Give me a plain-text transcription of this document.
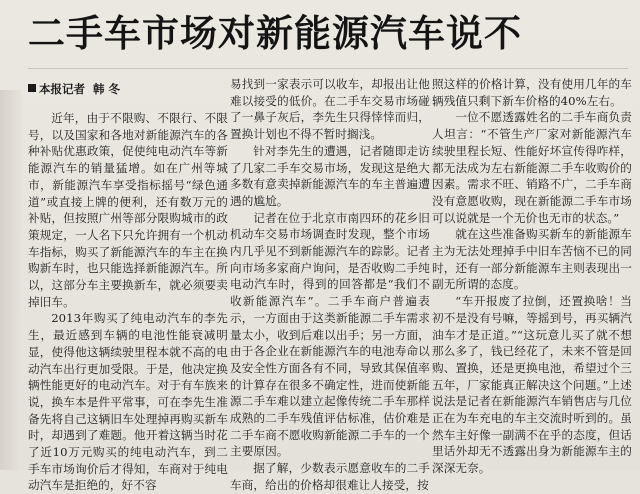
二手车市场对新能源汽车说不
本报记者 韩 冬

近年，由于不限购、不限行、不限号，以及国家和各地对新能源汽车的各种补贴优惠政策，促使纯电动汽车等新能源汽车的销量猛增。如在广州等城市，新能源汽车享受指标摇号“绿色通道”或直接上牌的便利，还有数万元的补贴，但按照广州等部分限购城市的政策规定，一人名下只允许拥有一个机动车指标，购买了新能源汽车的车主在换购新车时，也只能选择新能源汽车。所以，这部分车主要换新车，就必须要卖掉旧车。

2013年购买了纯电动汽车的李先生，最近感到车辆的电池性能衰减明显，使得他这辆续驶里程本就不高的电动汽车出行更加受限。于是，他决定换辆性能更好的电动汽车。对于有车族来说，换车本是件平常事，可在李先生准备先将自己这辆旧车处理掉再购买新车时，却遇到了难题。他开着这辆当时花了近10万元购买的纯电动汽车，到二手车市场询价后才得知，车商对于纯电动汽车是拒绝的，好不容

易找到一家表示可以收车，却报出让他难以接受的低价。在二手车交易市场碰了一鼻子灰后，李先生只得悻悻而归，置换计划也不得不暂时搁浅。

针对李先生的遭遇，记者随即走访了几家二手车交易市场，发现这是绝大多数有意卖掉新能源汽车的车主普遍遭遇的尴尬。

记者在位于北京市南四环的花乡旧机动车交易市场调查时发现，整个市场内几乎见不到新能源汽车的踪影。记者向市场多家商户询问，是否收购二手纯电动汽车时，得到的回答都是“我们不收新能源汽车”。二手车商户普遍表示，一方面由于这类新能源二手车需求量太小，收到后难以出手；另一方面，由于各企业在新能源汽车的电池寿命以及安全性方面各有不同，导致其保值率的计算存在很多不确定性，进而使新能源二手车难以建立起像传统二手车那样成熟的二手车残值评估标准，估价难是二手车商不愿收购新能源二手车的一个主要原因。

据了解，少数表示愿意收车的二手车商，给出的价格却很难让人接受，按

照这样的价格计算，没有使用几年的车辆残值只剩下新车价格的40%左右。

一位不愿透露姓名的二手车商负责人坦言：“不管生产厂家对新能源汽车续驶里程长短、性能好坏宣传得咋样，都无法成为左右新能源二手车收购价的因素。需求不旺、销路不广，二手车商没有意愿收购，现在新能源二手车市场可以说就是一个无价也无市的状态。”

就在这些准备购买新车的新能源车主为无法处理掉手中旧车苦恼不已的同时，还有一部分新能源车主则表现出一副无所谓的态度。

“车开报废了拉倒，还置换啥！当初不是没有号嘛，等摇到号，再买辆汽油车才是正道。”“这玩意儿买了就不想那么多了，钱已经花了，未来不管是回购、置换，还是更换电池，希望过个三五年，厂家能真正解决这个问题。”上述说法是记者在新能源汽车销售店与几位正在为车充电的车主交流时听到的。虽然车主好像一副满不在乎的态度，但话里话外却无不透露出身为新能源车主的深深无奈。
